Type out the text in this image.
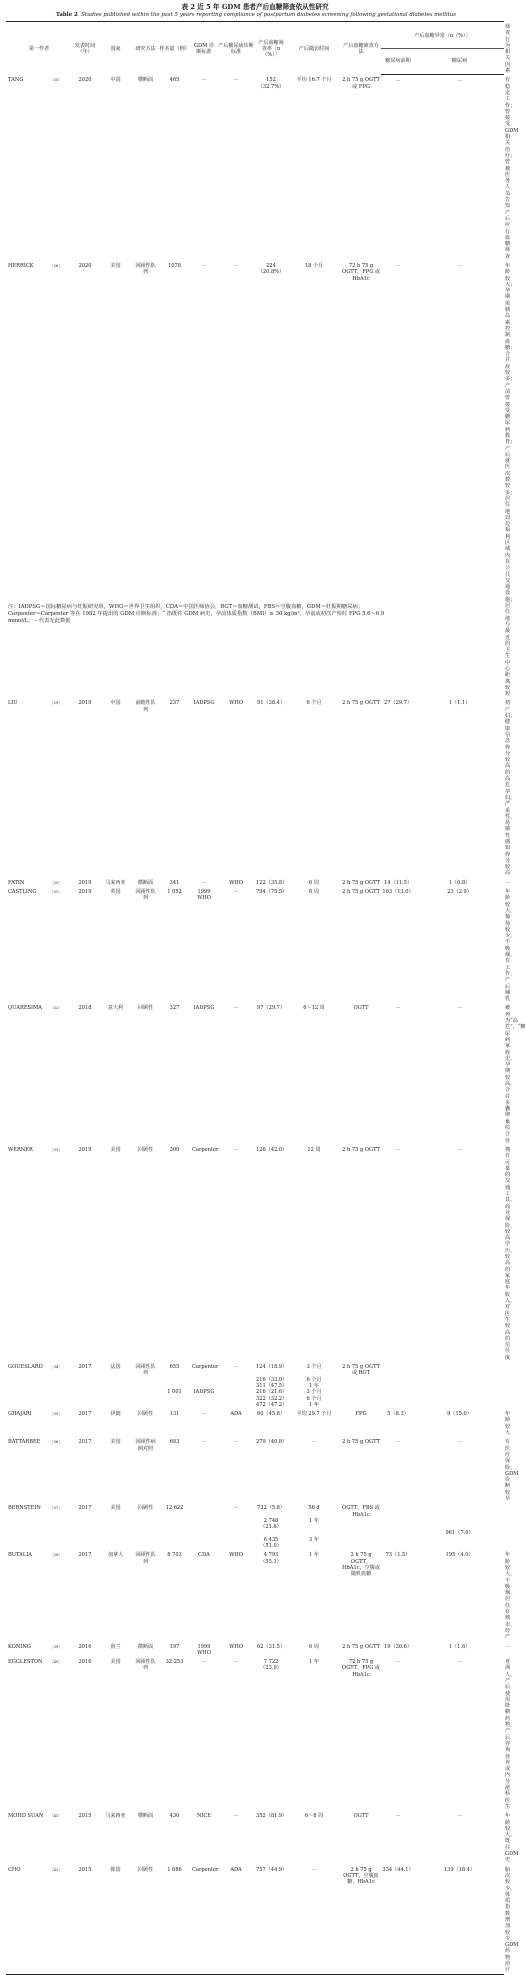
表 2 近 5 年 GDM 患者产后血糖筛查依从性研究
Table 2 Studies published within the past 5 years reporting compliance of postpartum diabetes screening following gestational diabetes mellitus
第一作者		发表时间（年）	国家	研究方法	样本量（例）	GDM 诊断标准	产后糖尿病诊断标准	产后血糖筛查率〔n（%）〕	产后随访时间	产后血糖筛查方法	产后血糖异常〔n（%）〕		筛查行为相关因素
											糖尿病前期	糖尿病	
TANG	［25］	2020	中国	横断面	465	－	－	152（32.7%）	平均 16.7 个月	2 h 75 g OGTT 或 FPG	－	－	有稳定工作；曾接受 GDM 相关治疗；曾被医务人员告知产后应行血糖筛查
HERRICK	［26］	2020	美国	回顾性队列	1078	－	－	224（20.8%）	18 个月	72 h 75 g OGTT，FPG 或 HbA1c	－	－	年龄较大；孕期需胰岛素控制血糖；合并症较多；产前曾接受糖尿病教育；产后就医次数较多；居住地周边福利区域内有公共交通设施；居住地与最近的卫生中心距离较短
LIU	［29］	2019	中国	前瞻性队列	237	IADPSG	WHO	91（38.4）	6 个月	2 h 75 g OGTT	27（29.7）	1（1.1）	初产妇；健康信念得分较高的高危孕妇，严重性、易感性感知得分较高
FATIN	［30］	2019	马来西亚	横断面	341	－	WHO	122（35.8）	6 周	2 h 75 g OGTT	14（11.5）	1（0.8）	－
CASTLING	［31］	2019	英国	回顾性队列	1 052	1999 WHO	－	794（75.5）	6 周	2 h 75 g OGTT	103（13.0）	23（2.9）	年龄较大，葡萄较少，不吸烟，有工作，产后哺乳
QUARESIMA	［32］	2018	意大利	回顾性	327	IADPSG	－	97（29.7）	6～12 周	OGTT	－	－	被列为“高危”，“糖尿病家族史，孕期较高，合并多囊卵巢综合征
WERNER	［33］	2019	美国	回顾性	300	Carpenter	－	126（42.0）	12 周	2 h 75 g OGTT	－	－	拥有可靠的交通工具、商业保险，较高学历，较高的家庭年收入，对医生较高的信任度
GOUESLARD	［34］	2017	法国	回顾性队列	655	Carpenter	－	124（18.9）	3 个月	2 h 75 g OGTT 或 RGT			
								216（33.0）	6 个月				
								311（47.5）	1 年				
					1 001	IADPSG		216（21.6）	3 个月				
								322（32.2）	6 个月				
								472（47.2）	1 年				
GHAJARI	［35］	2017	伊朗	回顾性	131	－	ADA	60（45.8）	平均 29.7 个月	FPG	5（8.3）	9（15.0）	年龄较大
BATTARBEE	［36］	2017	美国	回顾性病例对照	683	－	－	279（40.8）	－	2 h 75 g OGTT	－	－	有医疗保险、GDM 诊断较早
BERNSTEIN	［37］	2017	美国	回顾性	12 622		－	732（5.8）	56 d	OGTT，FBS 或 HbA1c			
								2 748（21.8）	1 年				
												961（7.6）	
								6 435（51.0）	3 年				
BUTALIA	［38］	2017	加拿大	回顾性队列	8 703	CDA	WHO	4 793（55.1）	1 年	2 h 75 g OGTT，HbA1c，空腹或随机血糖	73（1.5）	195（4.0）	年龄较大，不吸烟，居住在城市、经产
KONING	［39］	2016	荷兰	横断面	197	1999 WHO	WHO	62（31.5）	6 周	2 h 75 g OGTT	19（30.6）	1（1.6）	－
EGGLESTON	［40］	2016	美国	回顾性队列	32 253	－	－	7 722（23.9）	1 年	72 h 75 g OGTT，FPG 或 HbA1c	－	－	亚洲人，产后使用降糖药物，产后咨询营养或内分泌科医生
MOHD SUAN	［41］	2015	马来西亚	横断面	430	NICE	－	352（81.9）	6～8 周	OGTT	－	－	年龄较大，既往 GDM 史
CHO	［42］	2015	韩国	回顾性	1 686	Carpenter	ADA	757（44.9）	－	2 h 75 g OGTT，空腹血糖，HbA1c	334（44.1）	139（18.4）	胎次较少，体质指数增加较少，GDM 药物治疗

注：IADPSG＝国际糖尿病与妊娠研究组，WHO＝世界卫生组织，CDA＝中国医师协会，RGT＝血糖测试，FBS＝空腹血糖，GDM＝妊娠期糖尿病；

Carpenter＝Carpenter 等在 1982 年提出的 GDM 诊断标准；“ 指既往 GDM 病史、孕前体质指数（BMI）≥ 30 kg/m²、孕前或初次产检时 FPG 5.6～6.9

mmol/L；－代表无此数据
